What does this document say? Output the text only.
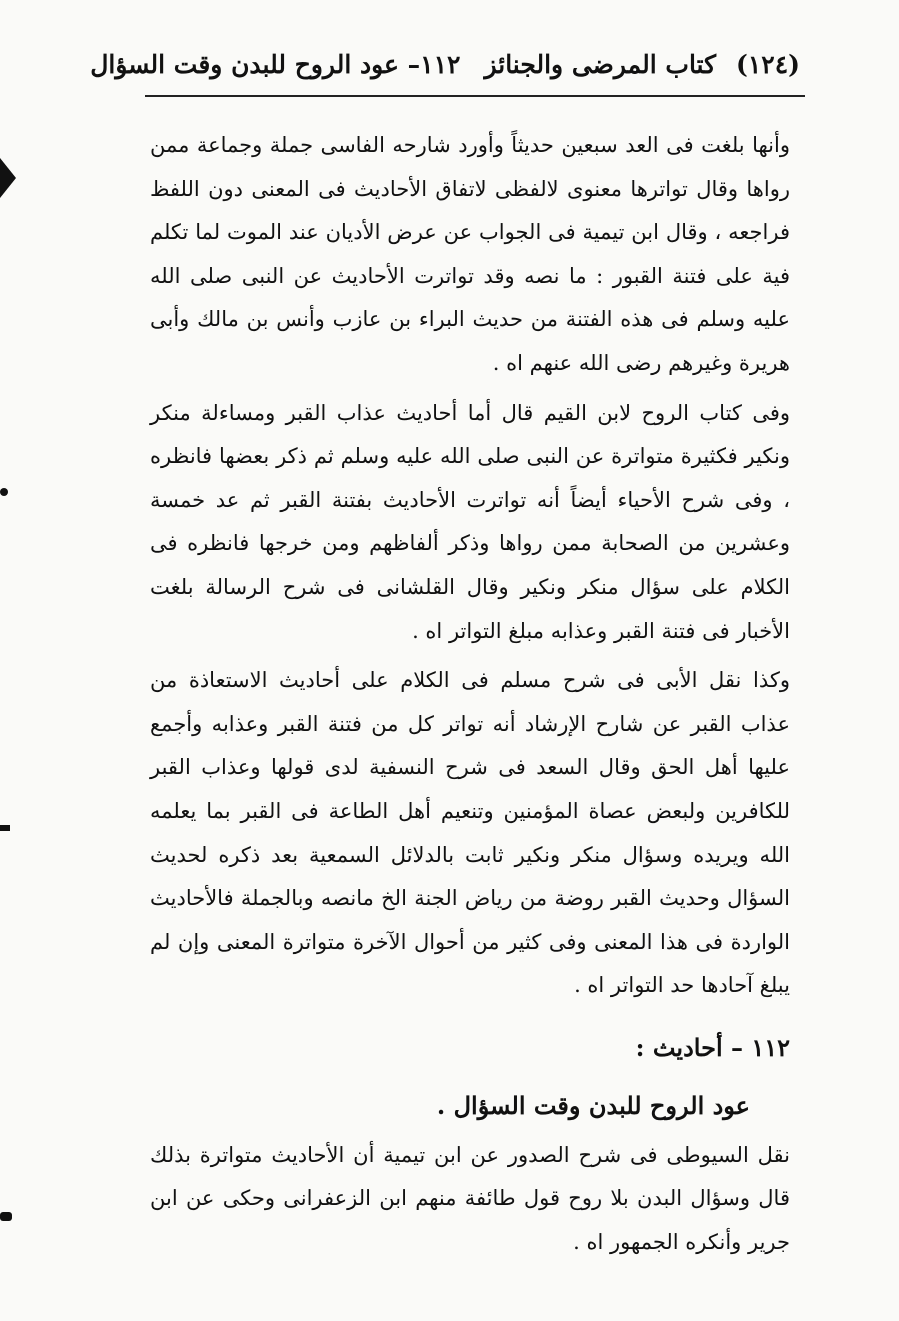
(١٢٤)
كتاب المرضى والجنائز
١١٢– عود الروح للبدن وقت السؤال

وأنها بلغت فى العد سبعين حديثاً وأورد شارحه الفاسى جملة وجماعة ممن رواها وقال تواترها معنوى لالفظى لاتفاق الأحاديث فى المعنى دون اللفظ فراجعه ، وقال ابن تيمية فى الجواب عن عرض الأديان عند الموت لما تكلم فية على فتنة القبور : ما نصه وقد تواترت الأحاديث عن النبى صلى الله عليه وسلم فى هذه الفتنة من حديث البراء بن عازب وأنس بن مالك وأبى هريرة وغيرهم رضى الله عنهم اه .

وفى كتاب الروح لابن القيم قال أما أحاديث عذاب القبر ومساءلة منكر ونكير فكثيرة متواترة عن النبى صلى الله عليه وسلم ثم ذكر بعضها فانظره ، وفى شرح الأحياء أيضاً أنه تواترت الأحاديث بفتنة القبر ثم عد خمسة وعشرين من الصحابة ممن رواها وذكر ألفاظهم ومن خرجها فانظره فى الكلام على سؤال منكر ونكير وقال القلشانى فى شرح الرسالة بلغت الأخبار فى فتنة القبر وعذابه مبلغ التواتر اه .

وكذا نقل الأبى فى شرح مسلم فى الكلام على أحاديث الاستعاذة من عذاب القبر عن شارح الإرشاد أنه تواتر كل من فتنة القبر وعذابه وأجمع عليها أهل الحق وقال السعد فى شرح النسفية لدى قولها وعذاب القبر للكافرين ولبعض عصاة المؤمنين وتنعيم أهل الطاعة فى القبر بما يعلمه الله ويريده وسؤال منكر ونكير ثابت بالدلائل السمعية بعد ذكره لحديث السؤال وحديث القبر روضة من رياض الجنة الخ مانصه وبالجملة فالأحاديث الواردة فى هذا المعنى وفى كثير من أحوال الآخرة متواترة المعنى وإن لم يبلغ آحادها حد التواتر اه .

١١٢ – أحاديث :

عود الروح للبدن وقت السؤال .

نقل السيوطى فى شرح الصدور عن ابن تيمية أن الأحاديث متواترة بذلك قال وسؤال البدن بلا روح قول طائفة منهم ابن الزعفرانى وحكى عن ابن جرير وأنكره الجمهور اه .
